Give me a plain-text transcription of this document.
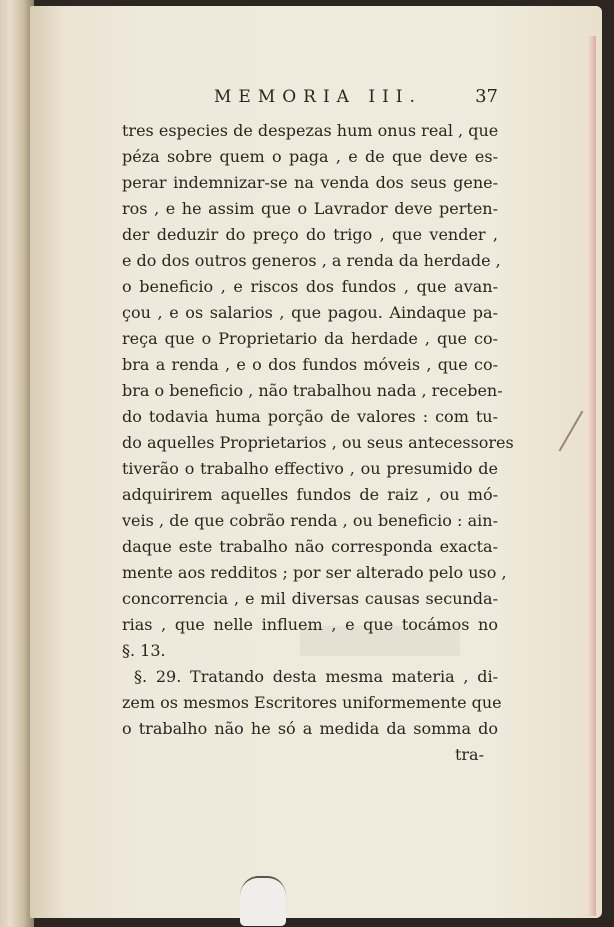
MEMORIA III.	37
tres especies de despezas hum onus real , que
péza sobre quem o paga , e de que deve es-
perar indemnizar-se na venda dos seus gene-
ros , e he assim que o Lavrador deve perten-
der deduzir do preço do trigo , que vender ,
e do dos outros generos , a renda da herdade ,
o beneficio , e riscos dos fundos , que avan-
çou , e os salarios , que pagou. Aindaque pa-
reça que o Proprietario da herdade , que co-
bra a renda , e o dos fundos móveis , que co-
bra o beneficio , não trabalhou nada , receben-
do todavia huma porção de valores : com tu-
do aquelles Proprietarios , ou seus antecessores
tiverão o trabalho effectivo , ou presumido de
adquirirem aquelles fundos de raiz , ou mó-
veis , de que cobrão renda , ou beneficio : ain-
daque este trabalho não corresponda exacta-
mente aos redditos ; por ser alterado pelo uso ,
concorrencia , e mil diversas causas secunda-
rias , que nelle influem , e que tocámos no
§. 13.
§. 29. Tratando desta mesma materia , di-
zem os mesmos Escritores uniformemente que
o trabalho não he só a medida da somma do
tra-
